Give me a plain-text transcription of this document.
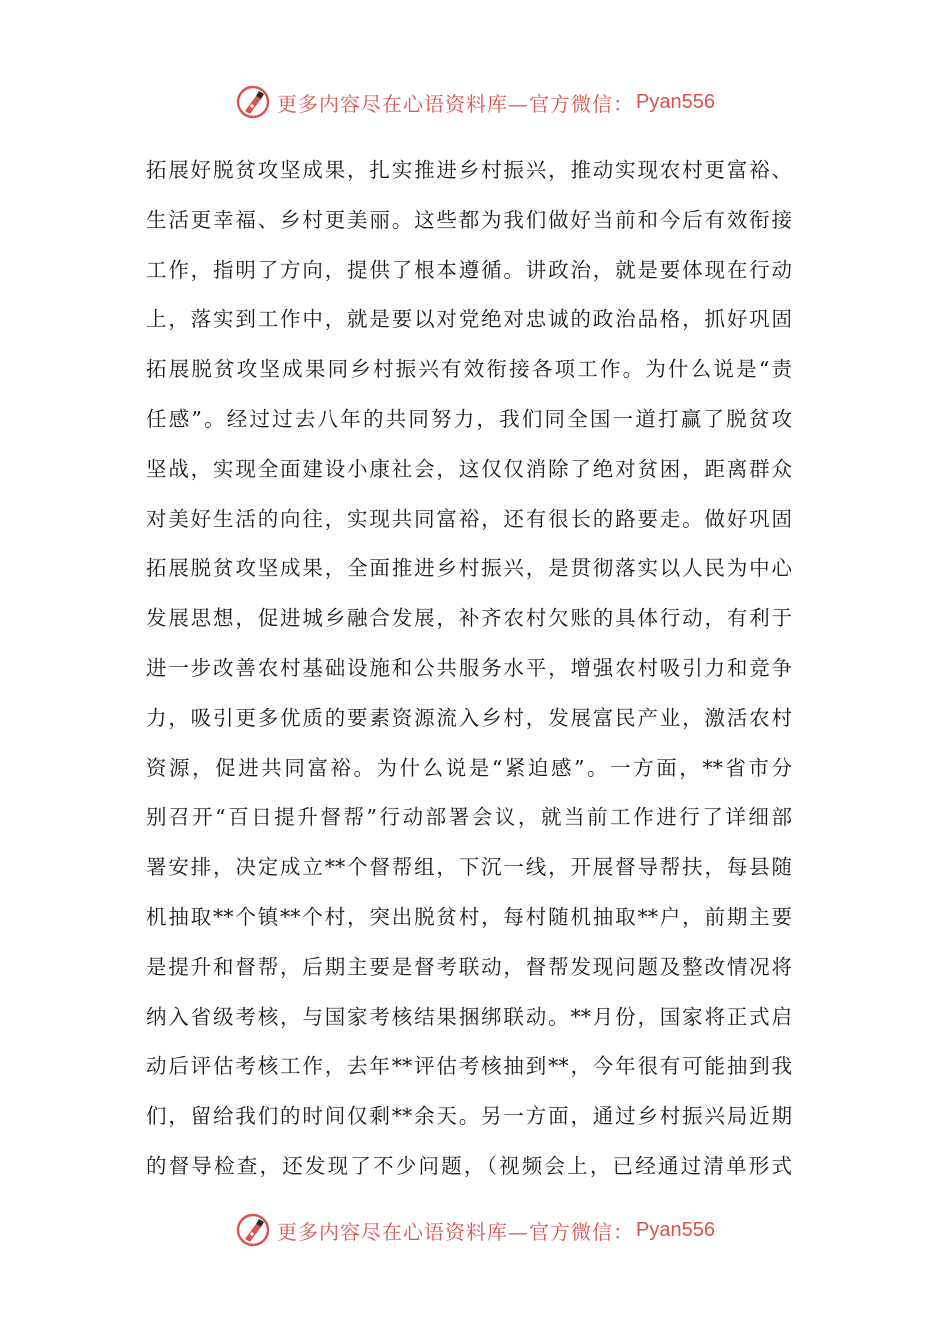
更多内容尽在心语资料库—官方微信： Pyan556
拓展好脱贫攻坚成果，扎实推进乡村振兴，推动实现农村更富裕、
生活更幸福、乡村更美丽。这些都为我们做好当前和今后有效衔接
工作，指明了方向，提供了根本遵循。讲政治，就是要体现在行动
上，落实到工作中，就是要以对党绝对忠诚的政治品格，抓好巩固
拓展脱贫攻坚成果同乡村振兴有效衔接各项工作。为什么说是“责
任感”。经过过去八年的共同努力，我们同全国一道打赢了脱贫攻
坚战，实现全面建设小康社会，这仅仅消除了绝对贫困，距离群众
对美好生活的向往，实现共同富裕，还有很长的路要走。做好巩固
拓展脱贫攻坚成果，全面推进乡村振兴，是贯彻落实以人民为中心
发展思想，促进城乡融合发展，补齐农村欠账的具体行动，有利于
进一步改善农村基础设施和公共服务水平，增强农村吸引力和竞争
力，吸引更多优质的要素资源流入乡村，发展富民产业，激活农村
资源，促进共同富裕。为什么说是“紧迫感”。一方面，**省市分
别召开“百日提升督帮”行动部署会议，就当前工作进行了详细部
署安排，决定成立**个督帮组，下沉一线，开展督导帮扶，每县随
机抽取**个镇**个村，突出脱贫村，每村随机抽取**户，前期主要
是提升和督帮，后期主要是督考联动，督帮发现问题及整改情况将
纳入省级考核，与国家考核结果捆绑联动。**月份，国家将正式启
动后评估考核工作，去年**评估考核抽到**，今年很有可能抽到我
们，留给我们的时间仅剩**余天。另一方面，通过乡村振兴局近期
的督导检查，还发现了不少问题，（视频会上，已经通过清单形式
更多内容尽在心语资料库—官方微信： Pyan556
